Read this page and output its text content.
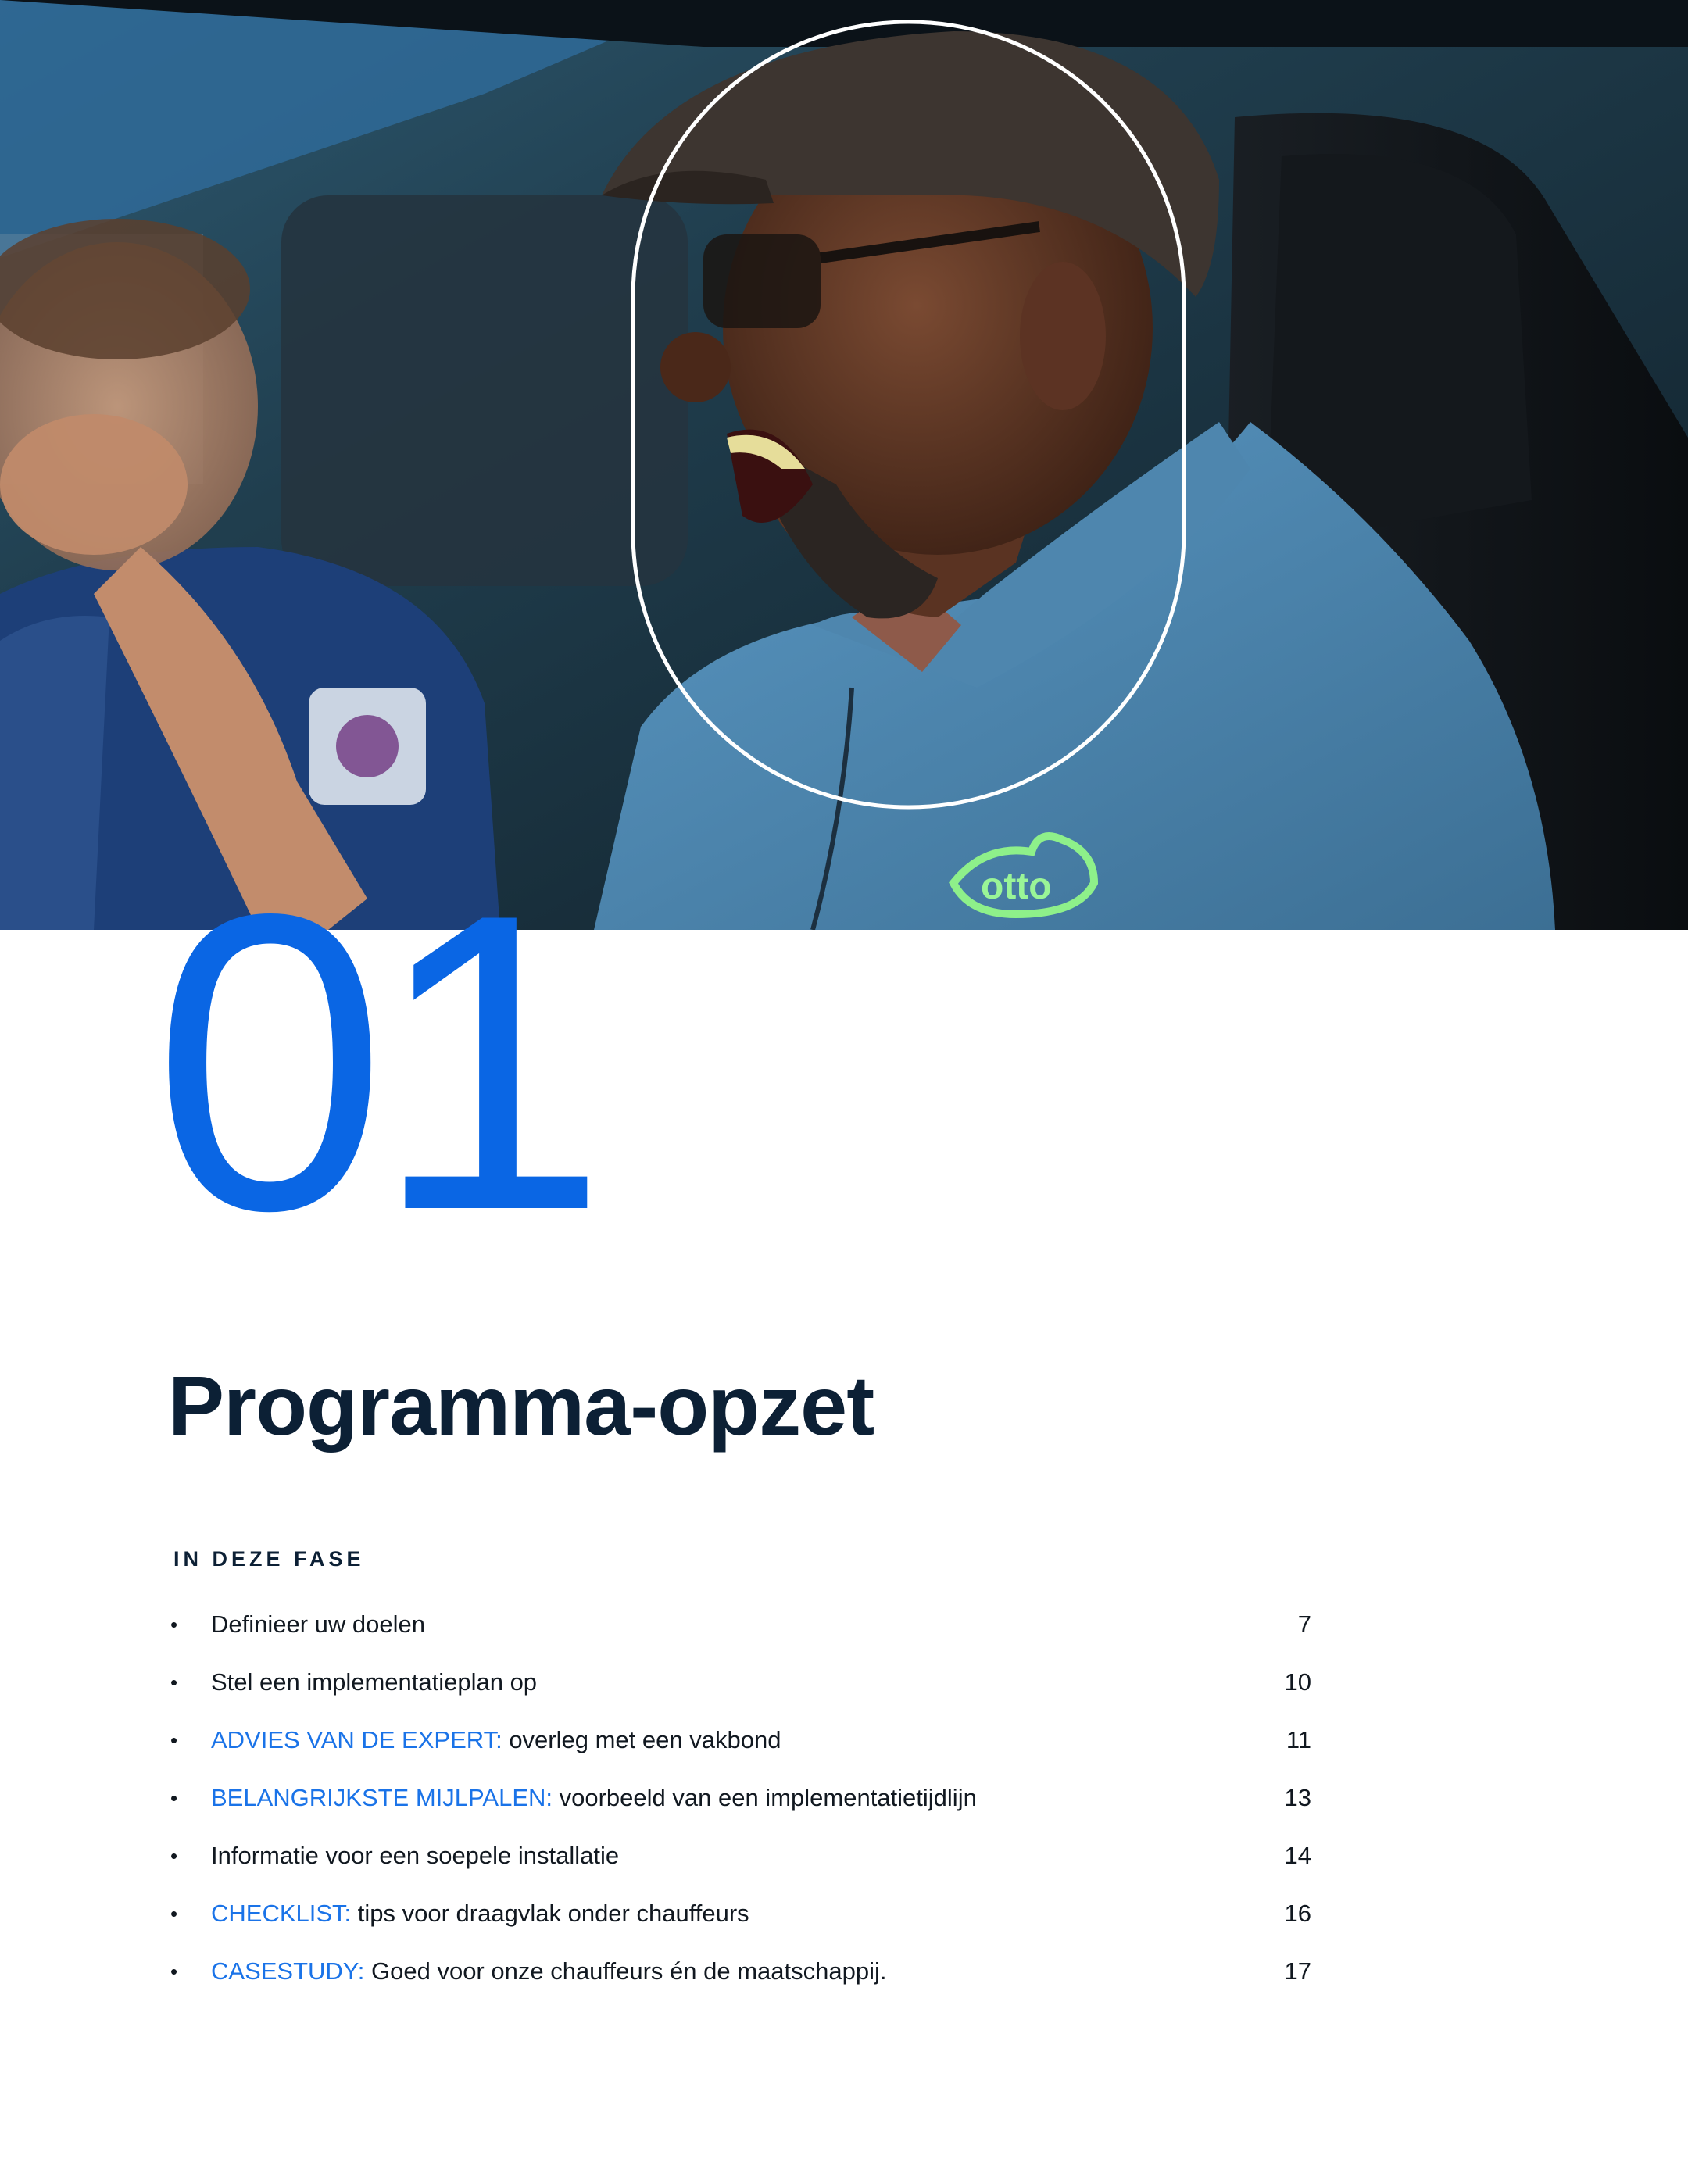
otto
01
Programma-opzet
IN DEZE FASE
•	Definieer uw doelen	7
•	Stel een implementatieplan op	10
•	ADVIES VAN DE EXPERT: overleg met een vakbond	11
•	BELANGRIJKSTE MIJLPALEN: voorbeeld van een implementatietijdlijn	13
•	Informatie voor een soepele installatie	14
•	CHECKLIST: tips voor draagvlak onder chauffeurs	16
•	CASESTUDY: Goed voor onze chauffeurs én de maatschappij.	17
